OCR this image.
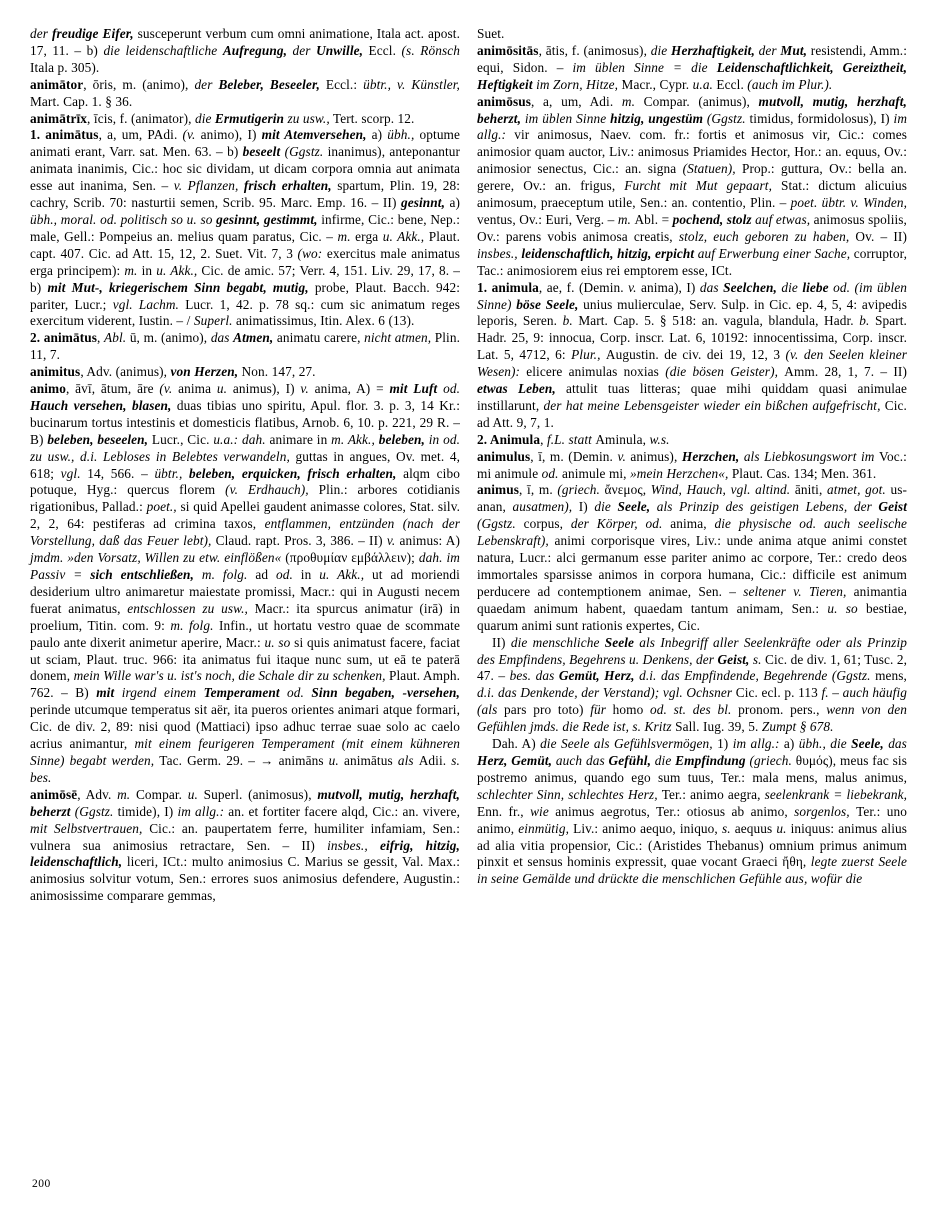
der freudige Eifer, susceperunt verbum cum omni animatione, Itala act. apost. 17, 11. – b) die leidenschaftliche Aufregung, der Unwille, Eccl. (s. Rönsch Itala p. 305).

animātor, ōris, m. (animo), der Beleber, Beseeler, Eccl.: übtr., v. Künstler, Mart. Cap. 1. § 36.

animātrīx, īcis, f. (animator), die Ermutigerin zu usw., Tert. scorp. 12.

1. animātus, a, um, PAdi. (v. animo), I) mit Atemversehen, a) übh., optume animati erant, Varr. sat. Men. 63. – b) beseelt (Ggstz. inanimus), anteponantur animata inanimis, Cic.: hoc sic dividam, ut dicam corpora omnia aut animata esse aut inanima, Sen. – v. Pflanzen, frisch erhalten, spartum, Plin. 19, 28: cachry, Scrib. 70: nasturtii semen, Scrib. 95. Marc. Emp. 16. – II) gesinnt, a) übh., moral. od. politisch so u. so gesinnt, gestimmt, infirme, Cic.: bene, Nep.: male, Gell.: Pompeius an. melius quam paratus, Cic. – m. erga u. Akk., Plaut. capt. 407. Cic. ad Att. 15, 12, 2. Suet. Vit. 7, 3 (wo: exercitus male animatus erga principem): m. in u. Akk., Cic. de amic. 57; Verr. 4, 151. Liv. 29, 17, 8. – b) mit Mut-, kriegerischem Sinn begabt, mutig, probe, Plaut. Bacch. 942: pariter, Lucr.; vgl. Lachm. Lucr. 1, 42. p. 78 sq.: cum sic animatum reges exercitum viderent, Iustin. – / Superl. animatissimus, Itin. Alex. 6 (13).

2. animātus, Abl. ū, m. (animo), das Atmen, animatu carere, nicht atmen, Plin. 11, 7.

animitus, Adv. (animus), von Herzen, Non. 147, 27.

animo, āvī, ātum, āre (v. anima u. animus), I) v. anima, A) = mit Luft od. Hauch versehen, blasen, duas tibias uno spiritu, Apul. flor. 3. p. 3, 14 Kr.: bucinarum tortus intestinis et domesticis flatibus, Arnob. 6, 10. p. 221, 29 R. – B) beleben, beseelen, Lucr., Cic. u.a.: dah. animare in m. Akk., beleben, in od. zu usw., d.i. Lebloses in Belebtes verwandeln, guttas in angues, Ov. met. 4, 618; vgl. 14, 566. – übtr., beleben, erquicken, frisch erhalten, alqm cibo potuque, Hyg.: quercus florem (v. Erdhauch), Plin.: arbores cotidianis rigationibus, Pallad.: poet., si quid Apellei gaudent animasse colores, Stat. silv. 2, 2, 64: pestiferas ad crimina taxos, entflammen, entzünden (nach der Vorstellung, daß das Feuer lebt), Claud. rapt. Pros. 3, 386. – II) v. animus: A) jmdm. »den Vorsatz, Willen zu etw. einflößen« (προθυμίαν εμβάλλειν); dah. im Passiv = sich entschließen, m. folg. ad od. in u. Akk., ut ad moriendi desiderium ultro animaretur maiestate promissi, Macr.: qui in Augusti necem fuerat animatus, entschlossen zu usw., Macr.: ita spurcus animatur (irā) in proelium, Titin. com. 9: m. folg. Infin., ut hortatu vestro quae de scommate paulo ante dixerit animetur aperire, Macr.: u. so si quis animatust facere, faciat ut sciam, Plaut. truc. 966: ita animatus fui itaque nunc sum, ut eā te paterā donem, mein Wille war's u. ist's noch, die Schale dir zu schenken, Plaut. Amph. 762. – B) mit irgend einem Temperament od. Sinn begaben, -versehen, perinde utcumque temperatus sit aër, ita pueros orientes animari atque formari, Cic. de div. 2, 89: nisi quod (Mattiaci) ipso adhuc terrae suae solo ac caelo acrius animantur, mit einem feurigeren Temperament (mit einem kühneren Sinne) begabt werden, Tac. Germ. 29. – → animāns u. animātus als Adii. s. bes.

animōsē, Adv. m. Compar. u. Superl. (animosus), mutvoll, mutig, herzhaft, beherzt (Ggstz. timide), I) im allg.: an. et fortiter facere alqd, Cic.: an. vivere, mit Selbstvertrauen, Cic.: an. paupertatem ferre, humiliter infamiam, Sen.: vulnera sua animosius retractare, Sen. – II) insbes., eifrig, hitzig, leidenschaftlich, liceri, ICt.: multo animosius C. Marius se gessit, Val. Max.: animosius solvitur votum, Sen.: errores suos animosius defendere, Augustin.: animosissime comparare gemmas,

Suet.

animōsitās, ātis, f. (animosus), die Herzhaftigkeit, der Mut, resistendi, Amm.: equi, Sidon. – im üblen Sinne = die Leidenschaftlichkeit, Gereiztheit, Heftigkeit im Zorn, Hitze, Macr., Cypr. u.a. Eccl. (auch im Plur.).

animōsus, a, um, Adi. m. Compar. (animus), mutvoll, mutig, herzhaft, beherzt, im üblen Sinne hitzig, ungestüm (Ggstz. timidus, formidolosus), I) im allg.: vir animosus, Naev. com. fr.: fortis et animosus vir, Cic.: comes animosior quam auctor, Liv.: animosus Priamides Hector, Hor.: an. equus, Ov.: animosior senectus, Cic.: an. signa (Statuen), Prop.: guttura, Ov.: bella an. gerere, Ov.: an. frigus, Furcht mit Mut gepaart, Stat.: dictum alicuius animosum, praeceptum utile, Sen.: an. contentio, Plin. – poet. übtr. v. Winden, ventus, Ov.: Euri, Verg. – m. Abl. = pochend, stolz auf etwas, animosus spoliis, Ov.: parens vobis animosa creatis, stolz, euch geboren zu haben, Ov. – II) insbes., leidenschaftlich, hitzig, erpicht auf Erwerbung einer Sache, corruptor, Tac.: animosiorem eius rei emptorem esse, ICt.

1. animula, ae, f. (Demin. v. anima), I) das Seelchen, die liebe od. (im üblen Sinne) böse Seele, unius mulierculae, Serv. Sulp. in Cic. ep. 4, 5, 4: avipedis leporis, Seren. b. Mart. Cap. 5. § 518: an. vagula, blandula, Hadr. b. Spart. Hadr. 25, 9: innocua, Corp. inscr. Lat. 6, 10192: innocentissima, Corp. inscr. Lat. 5, 4712, 6: Plur., Augustin. de civ. dei 19, 12, 3 (v. den Seelen kleiner Wesen): elicere animulas noxias (die bösen Geister), Amm. 28, 1, 7. – II) etwas Leben, attulit tuas litteras; quae mihi quiddam quasi animulae instillarunt, der hat meine Lebensgeister wieder ein bißchen aufgefrischt, Cic. ad Att. 9, 7, 1.

2. Animula, f.L. statt Aminula, w.s.

animulus, ī, m. (Demin. v. animus), Herzchen, als Liebkosungswort im Voc.: mi animule od. animule mi, »mein Herzchen«, Plaut. Cas. 134; Men. 361.

animus, ī, m. (griech. ἄνεμος, Wind, Hauch, vgl. altind. āniti, atmet, got. us-anan, ausatmen), I) die Seele, als Prinzip des geistigen Lebens, der Geist (Ggstz. corpus, der Körper, od. anima, die physische od. auch seelische Lebenskraft), animi corporisque vires, Liv.: unde anima atque animi constet natura, Lucr.: alci germanum esse pariter animo ac corpore, Ter.: credo deos immortales sparsisse animos in corpora humana, Cic.: difficile est animum perducere ad contemptionem animae, Sen. – seltener v. Tieren, animantia quaedam animum habent, quaedam tantum animam, Sen.: u. so bestiae, quarum animi sunt rationis expertes, Cic.

II) die menschliche Seele als Inbegriff aller Seelenkräfte oder als Prinzip des Empfindens, Begehrens u. Denkens, der Geist, s. Cic. de div. 1, 61; Tusc. 2, 47. – bes. das Gemüt, Herz, d.i. das Empfindende, Begehrende (Ggstz. mens, d.i. das Denkende, der Verstand); vgl. Ochsner Cic. ecl. p. 113 f. – auch häufig (als pars pro toto) für homo od. st. des bl. pronom. pers., wenn von den Gefühlen jmds. die Rede ist, s. Kritz Sall. Iug. 39, 5. Zumpt § 678.

Dah. A) die Seele als Gefühlsvermögen, 1) im allg.: a) übh., die Seele, das Herz, Gemüt, auch das Gefühl, die Empfindung (griech. θυμός), meus fac sis postremo animus, quando ego sum tuus, Ter.: mala mens, malus animus, schlechter Sinn, schlechtes Herz, Ter.: animo aegra, seelenkrank = liebekrank, Enn. fr., wie animus aegrotus, Ter.: otiosus ab animo, sorgenlos, Ter.: uno animo, einmütig, Liv.: animo aequo, iniquo, s. aequus u. iniquus: animus alius ad alia vitia propensior, Cic.: (Aristides Thebanus) omnium primus animum pinxit et sensus hominis expressit, quae vocant Graeci ἤθη, legte zuerst Seele in seine Gemälde und drückte die menschlichen Gefühle aus, wofür die

200
